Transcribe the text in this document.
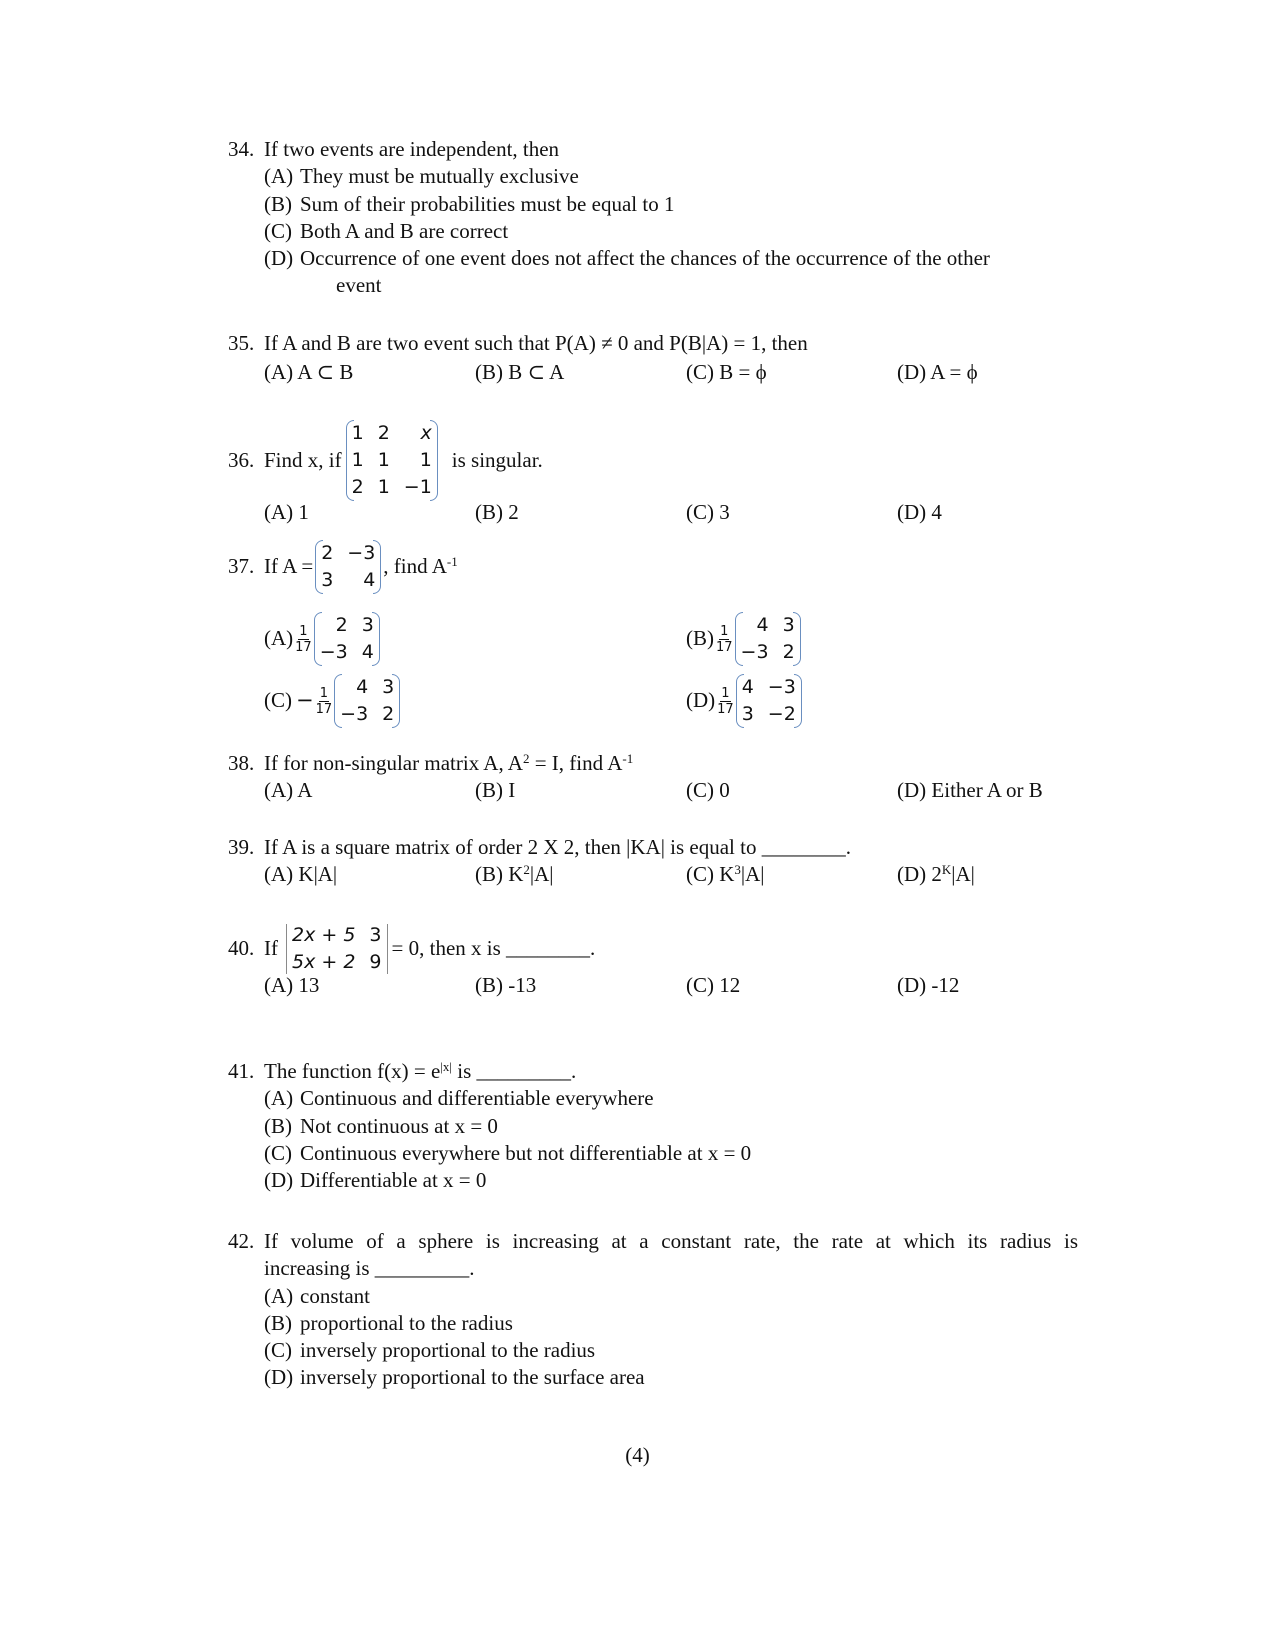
34. If two events are independent, then
(A) They must be mutually exclusive
(B) Sum of their probabilities must be equal to 1
(C) Both A and B are correct
(D) Occurrence of one event does not affect the chances of the occurrence of the other
event
35. If A and B are two event such that P(A) ≠ 0 and P(B|A) = 1, then
(A) A ⊂ B	(B) B ⊂ A	(C) B = ϕ	(D) A = ϕ
36. Find x, if
1 2	x
1 1	1
2 1 −1
is singular.
(A) 1	(B) 2	(C) 3	(D) 4
37. If A =
2 −3
3	4
, find $A^{-1}$
$(A) \frac{1}{17}$	2 3
−3 4
$(B) \frac{1}{17}$	4 3
−3 2
$(C) - \frac{1}{17}$	4 3
−3 2
$(D) \frac{1}{17} 4 -3$
3 −2
38. If for non-singular matrix A, $A^2 = I$, find $A^{-1}$
(A) A	(B) I	(C) 0	(D) Either A or B
39. If A is a square matrix of order 2 X 2, then |KA| is equal to ________.
(A) K|A|	(B) $K^2|A|$	(C) $K^3|A|$	(D) $2^K|A|$
40. If
2x + 5 3
5x + 2 9
= 0, then x is ________.
(A) 13	(B) -13	(C) 12	(D) -12
41. The function $f(x) = e^{|x|}$ is _________.
(A) Continuous and differentiable everywhere
(B) Not continuous at x = 0
(C) Continuous everywhere but not differentiable at x = 0
(D) Differentiable at x = 0
42. If volume of a sphere is increasing at a constant rate, the rate at which its radius is
increasing is _________.
(A) constant
(B) proportional to the radius
(C) inversely proportional to the radius
(D) inversely proportional to the surface area
(4)
